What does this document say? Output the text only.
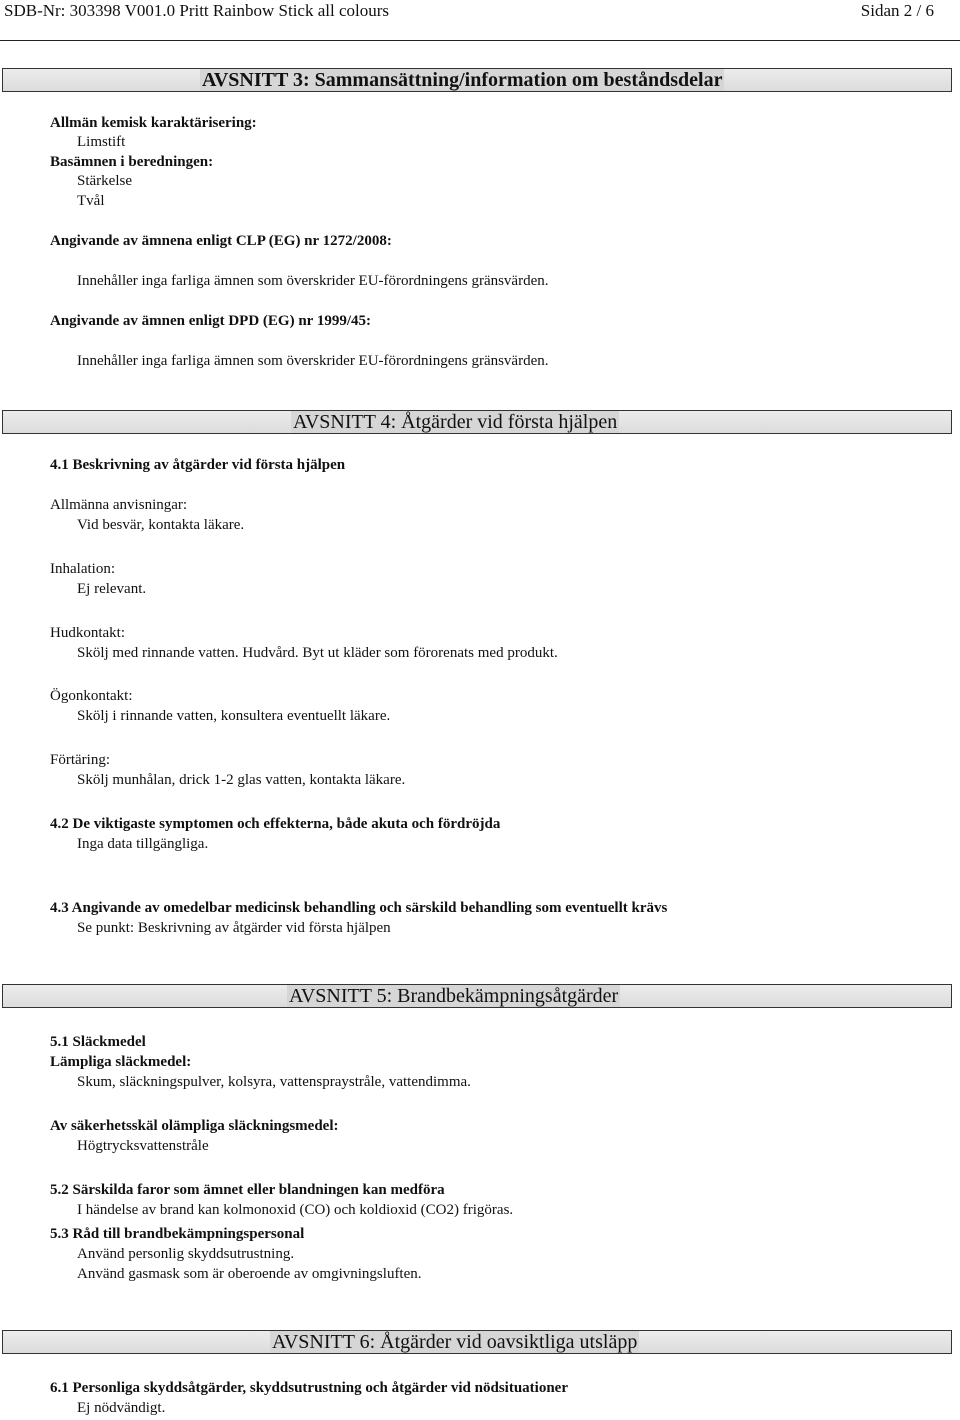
SDB-Nr: 303398 V001.0 Pritt Rainbow Stick all colours	Sidan 2 / 6
AVSNITT 3: Sammansättning/information om beståndsdelar
Allmän kemisk karaktärisering:
Limstift
Basämnen i beredningen:
Stärkelse
Tvål
Angivande av ämnena enligt CLP (EG) nr 1272/2008:
Innehåller inga farliga ämnen som överskrider EU-förordningens gränsvärden.
Angivande av ämnen enligt DPD (EG) nr 1999/45:
Innehåller inga farliga ämnen som överskrider EU-förordningens gränsvärden.
AVSNITT 4: Åtgärder vid första hjälpen
4.1 Beskrivning av åtgärder vid första hjälpen
Allmänna anvisningar:
Vid besvär, kontakta läkare.
Inhalation:
Ej relevant.
Hudkontakt:
Skölj med rinnande vatten. Hudvård. Byt ut kläder som förorenats med produkt.
Ögonkontakt:
Skölj i rinnande vatten, konsultera eventuellt läkare.
Förtäring:
Skölj munhålan, drick 1-2 glas vatten, kontakta läkare.
4.2 De viktigaste symptomen och effekterna, både akuta och fördröjda
Inga data tillgängliga.
4.3 Angivande av omedelbar medicinsk behandling och särskild behandling som eventuellt krävs
Se punkt: Beskrivning av åtgärder vid första hjälpen
AVSNITT 5: Brandbekämpningsåtgärder
5.1 Släckmedel
Lämpliga släckmedel:
Skum, släckningspulver, kolsyra, vattenspraystråle, vattendimma.
Av säkerhetsskäl olämpliga släckningsmedel:
Högtrycksvattenstråle
5.2 Särskilda faror som ämnet eller blandningen kan medföra
I händelse av brand kan kolmonoxid (CO) och koldioxid (CO2) frigöras.
5.3 Råd till brandbekämpningspersonal
Använd personlig skyddsutrustning.
Använd gasmask som är oberoende av omgivningsluften.
AVSNITT 6: Åtgärder vid oavsiktliga utsläpp
6.1 Personliga skyddsåtgärder, skyddsutrustning och åtgärder vid nödsituationer
Ej nödvändigt.
